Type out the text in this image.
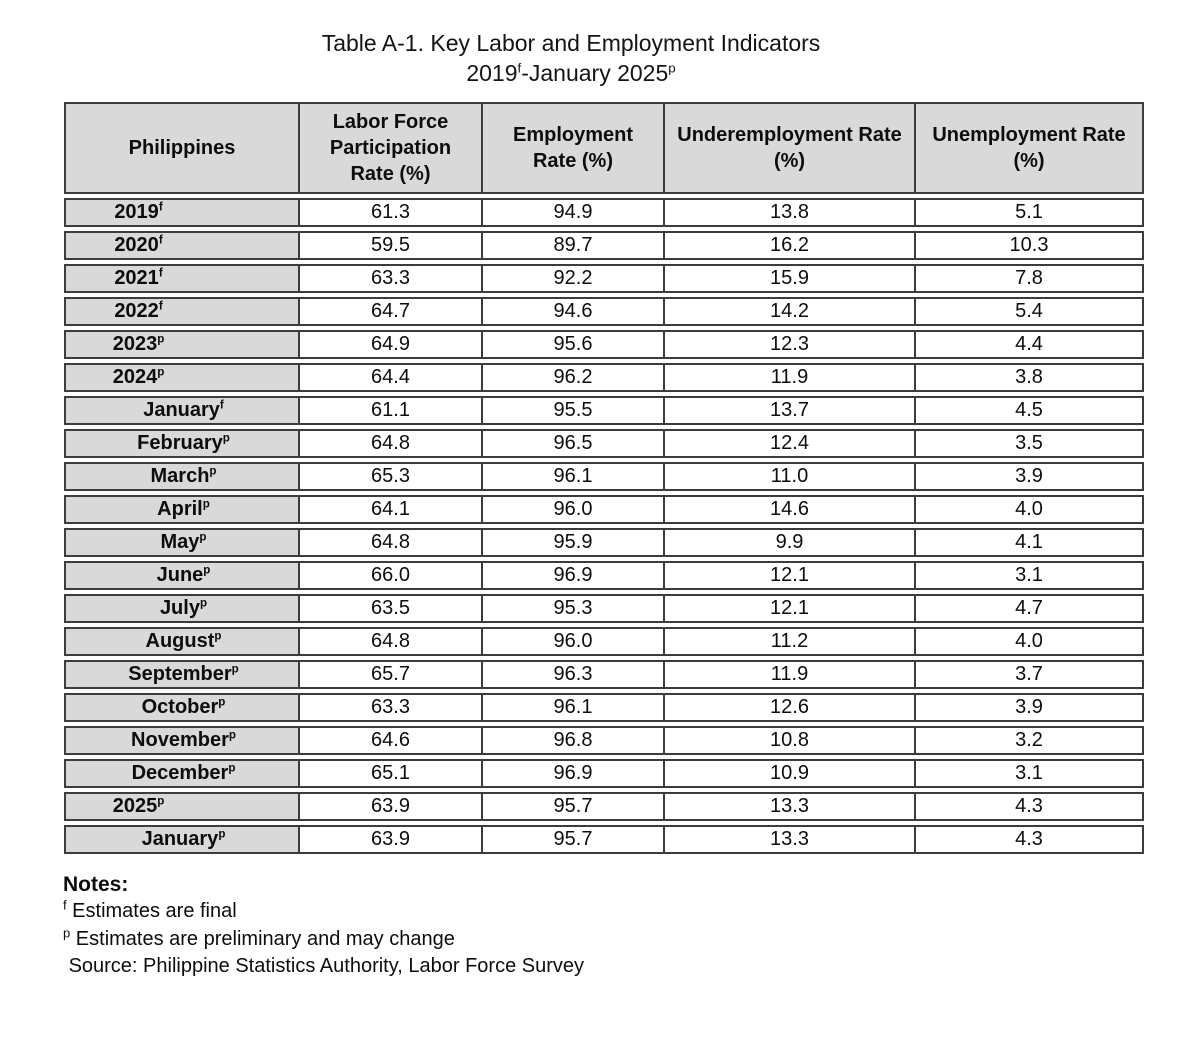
Table A-1. Key Labor and Employment Indicators
2019$^f$-January 2025$^p$
Philippines	Labor Force Participation Rate (%)	Employment Rate (%)	Underemployment Rate (%)	Unemployment Rate (%)
2019$^f$	61.3	94.9	13.8	5.1
2020$^f$	59.5	89.7	16.2	10.3
2021$^f$	63.3	92.2	15.9	7.8
2022$^f$	64.7	94.6	14.2	5.4
2023$^p$	64.9	95.6	12.3	4.4
2024$^p$	64.4	96.2	11.9	3.8
January$^f$	61.1	95.5	13.7	4.5
February$^p$	64.8	96.5	12.4	3.5
March$^p$	65.3	96.1	11.0	3.9
April$^p$	64.1	96.0	14.6	4.0
May$^p$	64.8	95.9	9.9	4.1
June$^p$	66.0	96.9	12.1	3.1
July$^p$	63.5	95.3	12.1	4.7
August$^p$	64.8	96.0	11.2	4.0
September$^p$	65.7	96.3	11.9	3.7
October$^p$	63.3	96.1	12.6	3.9
November$^p$	64.6	96.8	10.8	3.2
December$^p$	65.1	96.9	10.9	3.1
2025$^p$	63.9	95.7	13.3	4.3
January$^p$	63.9	95.7	13.3	4.3
Notes:
$^f$ Estimates are final
$^p$ Estimates are preliminary and may change
Source: Philippine Statistics Authority, Labor Force Survey
